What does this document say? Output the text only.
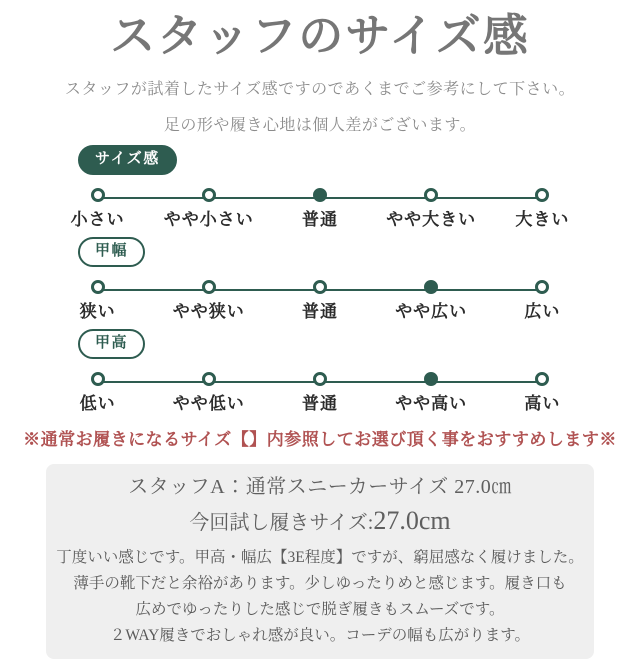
スタッフのサイズ感

スタッフが試着したサイズ感ですのであくまでご参考にして下さい。

足の形や履き心地は個人差がございます。

サイズ感
小さい やや小さい	普通	やや大きい 大きい
甲幅
狭い	やや狭い	普通	やや広い	広い
甲高
低い	やや低い	普通	やや高い	高い

※通常お履きになるサイズ【】内参照してお選び頂く事をおすすめします※

スタッフA：通常スニーカーサイズ 27.0㎝
今回試し履きサイズ:27.0cm
丁度いい感じです。甲高・幅広【3E程度】ですが、窮屈感なく履けました。
薄手の靴下だと余裕があります。少しゆったりめと感じます。履き口も
広めでゆったりした感じで脱ぎ履きもスムーズです。
２WAY履きでおしゃれ感が良い。コーデの幅も広がります。
